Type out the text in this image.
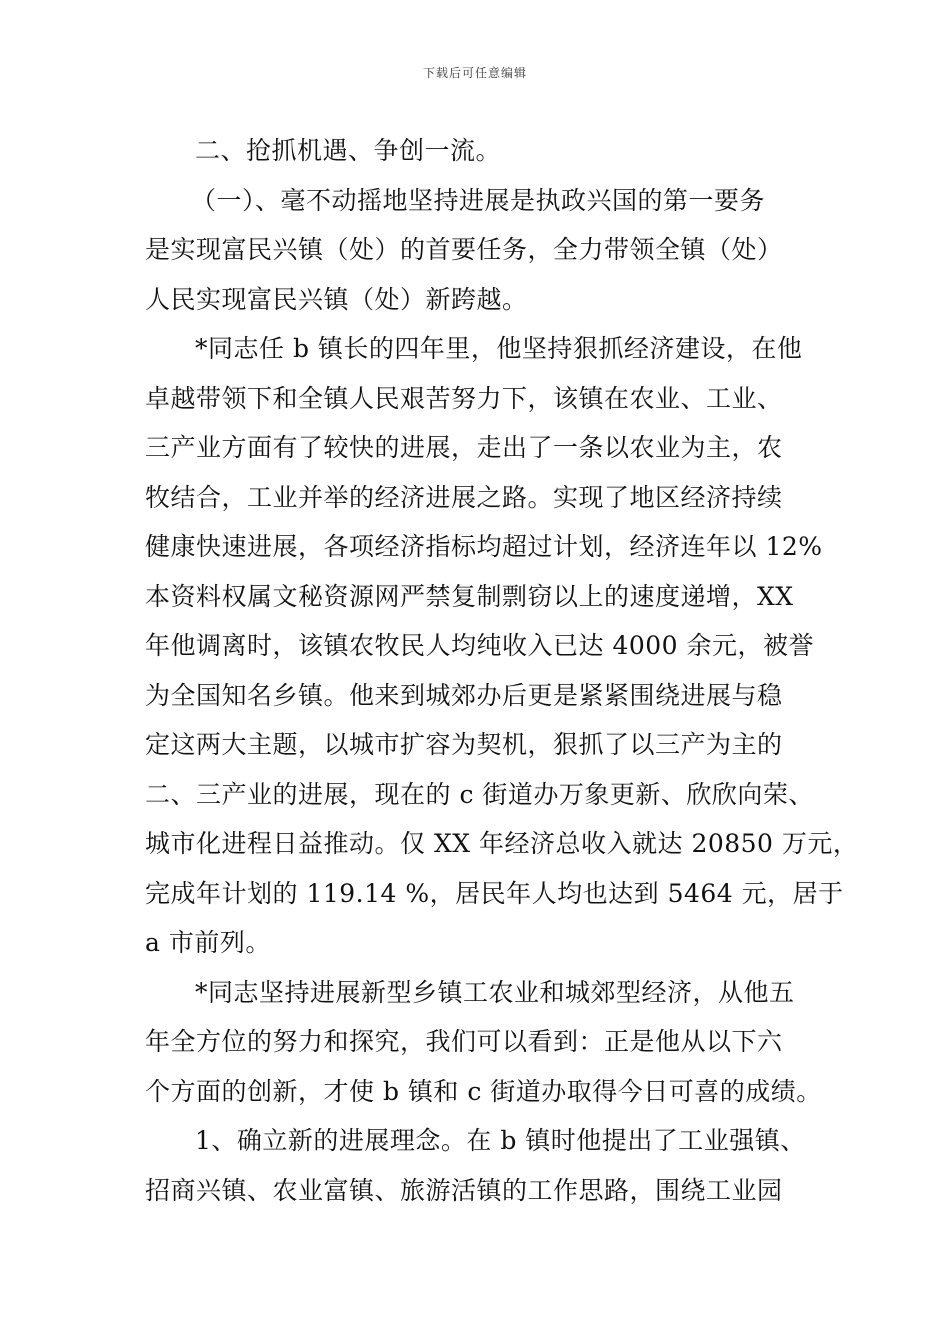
下载后可任意编辑
二、抢抓机遇、争创一流。
（一）、毫不动摇地坚持进展是执政兴国的第一要务
是实现富民兴镇（处）的首要任务，全力带领全镇（处）
人民实现富民兴镇（处）新跨越。
*同志任 b 镇长的四年里，他坚持狠抓经济建设，在他
卓越带领下和全镇人民艰苦努力下，该镇在农业、工业、
三产业方面有了较快的进展，走出了一条以农业为主，农
牧结合，工业并举的经济进展之路。实现了地区经济持续
健康快速进展，各项经济指标均超过计划，经济连年以 12%
本资料权属文秘资源网严禁复制剽窃以上的速度递增，XX
年他调离时，该镇农牧民人均纯收入已达 4000 余元，被誉
为全国知名乡镇。他来到城郊办后更是紧紧围绕进展与稳
定这两大主题，以城市扩容为契机，狠抓了以三产为主的
二、三产业的进展，现在的 c 街道办万象更新、欣欣向荣、
城市化进程日益推动。仅 XX 年经济总收入就达 20850 万元，
完成年计划的 119.14 %，居民年人均也达到 5464 元，居于
a 市前列。
*同志坚持进展新型乡镇工农业和城郊型经济，从他五
年全方位的努力和探究，我们可以看到：正是他从以下六
个方面的创新，才使 b 镇和 c 街道办取得今日可喜的成绩。
1、确立新的进展理念。在 b 镇时他提出了工业强镇、
招商兴镇、农业富镇、旅游活镇的工作思路，围绕工业园
